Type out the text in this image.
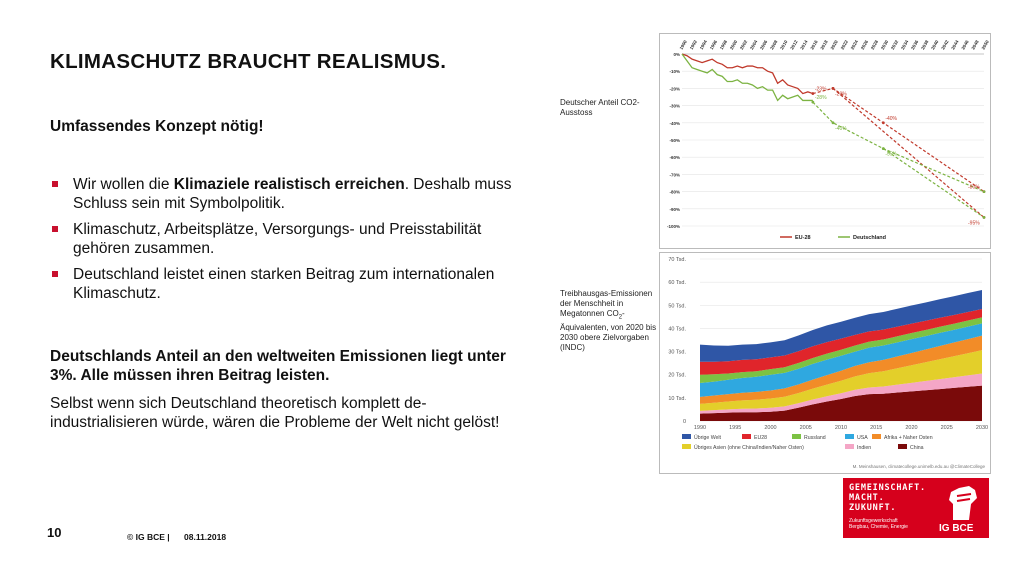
KLIMASCHUTZ BRAUCHT REALISMUS.
Umfassendes Konzept nötig!
Wir wollen die Klimaziele realistisch erreichen. Deshalb muss Schluss sein mit Symbolpolitik.
Klimaschutz, Arbeitsplätze, Versorgungs- und Preisstabilität gehören zusammen.
Deutschland leistet einen starken Beitrag zum internationalen Klimaschutz.
Deutschlands Anteil an den weltweiten Emissionen liegt unter 3%. Alle müssen ihren Beitrag leisten.
Selbst wenn sich Deutschland theoretisch komplett de-industrialisieren würde, wären die Probleme der Welt nicht gelöst!
Deutscher Anteil CO2-Ausstoss
Treibhausgas-Emissionen der Menschheit in Megatonnen $CO_2$-Äquivalenten, von 2020 bis 2030 obere Zielvorgaben (INDC)
0%
-10%
-20%
-30%
-40%
-50%
-60%
-70%
-80%
-90%
-100%
1990 1992 1994 1996 1998 2000 2002 2004 2006 2008 2010 2012 2014 2016 2018 2020 2022 2024 2026 2028 2030 2032 2034 2036 2038 2040 2042 2044 2046 2048 2050
-23%
-20%
-28%
-40%
-40%
-55%
-80%
-95%
EU-28	Deutschland
0
10 Tsd.
20 Tsd.
30 Tsd.
40 Tsd.
50 Tsd.
60 Tsd.
70 Tsd.
1990	1995	2000	2005	2010	2015	2020	2025	2030
Übrige Welt	EU28	Russland	USA	Afrika + Naher Osten
Übriges Asien (ohne China/Indien/Naher Osten)	Indien	China
M. Meinshausen, climatecollege.unimelb.edu.au @ClimateCollege
10	© IG BCE | 08.11.2018
GEMEINSCHAFT.
MACHT.
ZUKUNFT.
Zukunftsgewerkschaft
Bergbau, Chemie, Energie	IG BCE
